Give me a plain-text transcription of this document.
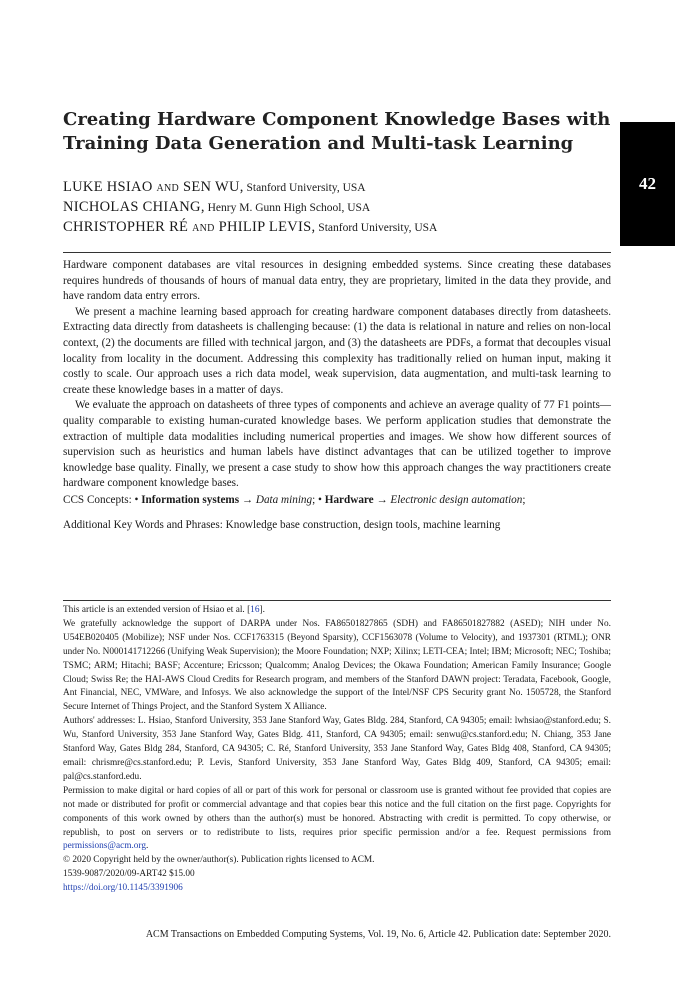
Creating Hardware Component Knowledge Bases with
Training Data Generation and Multi-task Learning
42
LUKE HSIAO and SEN WU, Stanford University, USA
NICHOLAS CHIANG, Henry M. Gunn High School, USA
CHRISTOPHER RÉ and PHILIP LEVIS, Stanford University, USA

Hardware component databases are vital resources in designing embedded systems. Since creating these databases requires hundreds of thousands of hours of manual data entry, they are proprietary, limited in the data they provide, and have random data entry errors.

We present a machine learning based approach for creating hardware component databases directly from datasheets. Extracting data directly from datasheets is challenging because: (1) the data is relational in nature and relies on non-local context, (2) the documents are filled with technical jargon, and (3) the datasheets are PDFs, a format that decouples visual locality from locality in the document. Addressing this complexity has traditionally relied on human input, making it costly to scale. Our approach uses a rich data model, weak supervision, data augmentation, and multi-task learning to create these knowledge bases in a matter of days.

We evaluate the approach on datasheets of three types of components and achieve an average quality of 77 F1 points—quality comparable to existing human-curated knowledge bases. We perform application studies that demonstrate the extraction of multiple data modalities including numerical properties and images. We show how different sources of supervision such as heuristics and human labels have distinct advantages that can be utilized together to improve knowledge base quality. Finally, we present a case study to show how this approach changes the way practitioners create hardware component knowledge bases.

CCS Concepts: • Information systems → Data mining; • Hardware → Electronic design automation;
Additional Key Words and Phrases: Knowledge base construction, design tools, machine learning

This article is an extended version of Hsiao et al. [16].

We gratefully acknowledge the support of DARPA under Nos. FA86501827865 (SDH) and FA86501827882 (ASED); NIH under No. U54EB020405 (Mobilize); NSF under Nos. CCF1763315 (Beyond Sparsity), CCF1563078 (Volume to Velocity), and 1937301 (RTML); ONR under No. N000141712266 (Unifying Weak Supervision); the Moore Foundation; NXP; Xilinx; LETI-CEA; Intel; IBM; Microsoft; NEC; Toshiba; TSMC; ARM; Hitachi; BASF; Accenture; Ericsson; Qualcomm; Analog Devices; the Okawa Foundation; American Family Insurance; Google Cloud; Swiss Re; the HAI-AWS Cloud Credits for Research program, and members of the Stanford DAWN project: Teradata, Facebook, Google, Ant Financial, NEC, VMWare, and Infosys. We also acknowledge the support of the Intel/NSF CPS Security grant No. 1505728, the Stanford Secure Internet of Things Project, and the Stanford System X Alliance.

Authors' addresses: L. Hsiao, Stanford University, 353 Jane Stanford Way, Gates Bldg. 284, Stanford, CA 94305; email: lwhsiao@stanford.edu; S. Wu, Stanford University, 353 Jane Stanford Way, Gates Bldg. 411, Stanford, CA 94305; email: senwu@cs.stanford.edu; N. Chiang, 353 Jane Stanford Way, Gates Bldg 284, Stanford, CA 94305; C. Ré, Stanford University, 353 Jane Stanford Way, Gates Bldg 408, Stanford, CA 94305; email: chrismre@cs.stanford.edu; P. Levis, Stanford University, 353 Jane Stanford Way, Gates Bldg 409, Stanford, CA 94305; email: pal@cs.stanford.edu.

Permission to make digital or hard copies of all or part of this work for personal or classroom use is granted without fee provided that copies are not made or distributed for profit or commercial advantage and that copies bear this notice and the full citation on the first page. Copyrights for components of this work owned by others than the author(s) must be honored. Abstracting with credit is permitted. To copy otherwise, or republish, to post on servers or to redistribute to lists, requires prior specific permission and/or a fee. Request permissions from permissions@acm.org.

© 2020 Copyright held by the owner/author(s). Publication rights licensed to ACM.

1539-9087/2020/09-ART42 $15.00

https://doi.org/10.1145/3391906

ACM Transactions on Embedded Computing Systems, Vol. 19, No. 6, Article 42. Publication date: September 2020.
